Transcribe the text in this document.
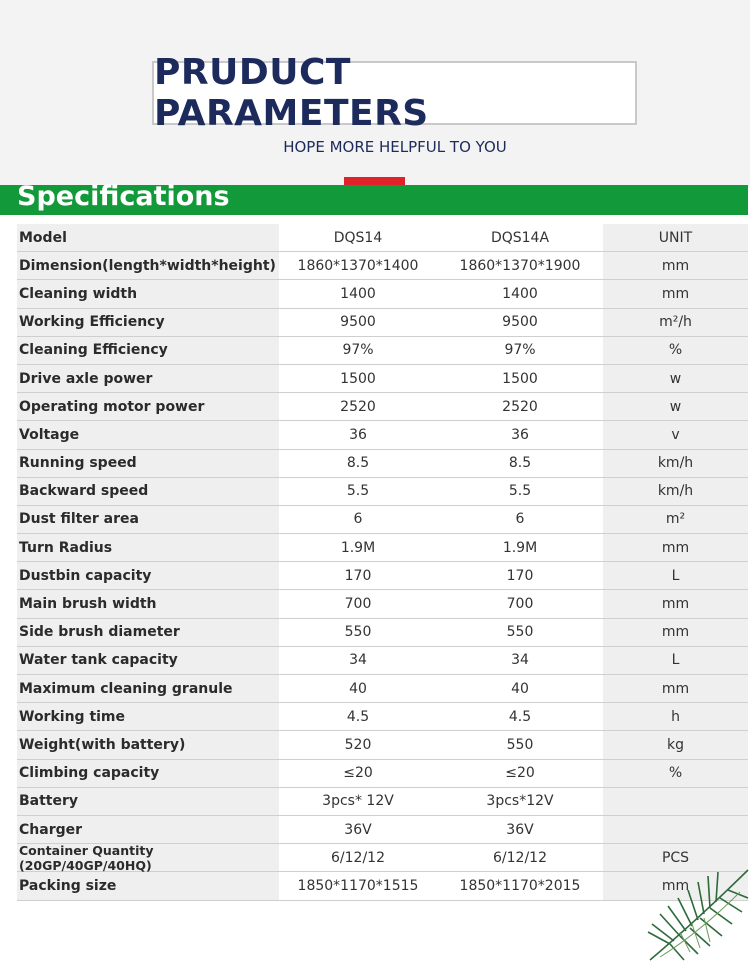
PRUDUCT PARAMETERS
HOPE MORE HELPFUL TO YOU
Specifications
Model	DQS14	DQS14A	UNIT
Dimension(length*width*height) 1860*1370*1400	1860*1370*1900	mm
Cleaning width	1400	1400	mm
Working Efficiency	9500	9500	m²/h
Cleaning Efficiency	97%	97%	%
Drive axle power	1500	1500	w
Operating motor power	2520	2520	w
Voltage	36	36	v
Running speed	8.5	8.5	km/h
Backward speed	5.5	5.5	km/h
Dust filter area	6	6	m²
Turn Radius	1.9M	1.9M	mm
Dustbin capacity	170	170	L
Main brush width	700	700	mm
Side brush diameter	550	550	mm
Water tank capacity	34	34	L
Maximum cleaning granule	40	40	mm
Working time	4.5	4.5	h
Weight(with battery)	520	550	kg
Climbing capacity	≤20	≤20	%
Battery	3pcs* 12V	3pcs*12V
Charger	36V	36V
Container Quantity (20GP/40GP/40HQ)	6/12/12	6/12/12	PCS
Packing size	1850*1170*1515	1850*1170*2015	mm
